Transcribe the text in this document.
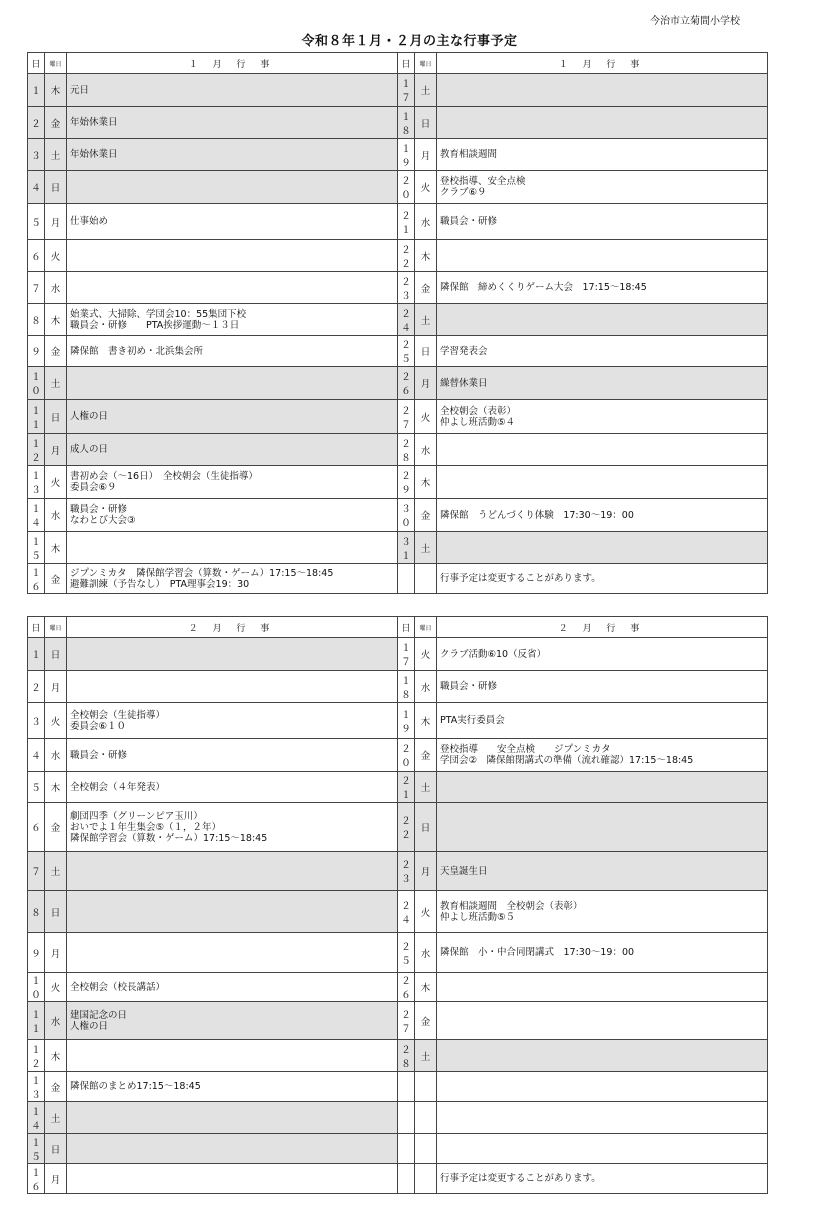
今治市立菊間小学校
令和８年１月・２月の主な行事予定
日	曜日	１ 月 行 事	日	曜日	１ 月 行 事
１	木	元日	１７	土	
２	金	年始休業日	１８	日	
３	土	年始休業日	１９	月	教育相談週間
４	日		２０	火	登校指導、安全点検
クラブ⑥９
５	月	仕事始め	２１	水	職員会・研修
６	火		２２	木	
７	水		２３	金	隣保館　締めくくりゲーム大会　17:15～18:45
８	木	始業式、大掃除、学団会10：55集団下校
職員会・研修　　PTA挨拶運動～１３日	２４	土	
９	金	隣保館　書き初め・北浜集会所	２５	日	学習発表会
１０	土		２６	月	繰替休業日
１１	日	人権の日	２７	火	全校朝会（表彰）
仲よし班活動⑤４
１２	月	成人の日	２８	水	
１３	火	書初め会（～16日）　全校朝会（生徒指導）
委員会⑥９	２９	木	
１４	水	職員会・研修
なわとび大会③	３０	金	隣保館　うどんづくり体験　17:30～19：00
１５	木		３１	土	
１６	金	ジプンミカタ　隣保館学習会（算数・ゲーム）17:15～18:45
避難訓練（予告なし）　PTA理事会19：30			行事予定は変更することがあります。
日	曜日	２ 月 行 事	日	曜日	２ 月 行 事
１	日		１７	火	クラブ活動⑥10（反省）
２	月		１８	水	職員会・研修
３	火	全校朝会（生徒指導）
委員会⑥１０	１９	木	PTA実行委員会
４	水	職員会・研修	２０	金	登校指導　　安全点検　　ジプンミカタ
学団会②　隣保館閉講式の準備（流れ確認）17:15～18:45
５	木	全校朝会（４年発表）	２１	土	
６	金	劇団四季（グリーンピア玉川）
おいでよ１年生集会⑤（１，２年）
隣保館学習会（算数・ゲーム）17:15～18:45	２２	日	
７	土		２３	月	天皇誕生日
８	日		２４	火	教育相談週間　全校朝会（表彰）
仲よし班活動⑤５
９	月		２５	水	隣保館　小・中合同閉講式　17:30～19：00
１０	火	全校朝会（校長講話）	２６	木	
１１	水	建国記念の日
人権の日	２７	金	
１２	木		２８	土	
１３	金	隣保館のまとめ17:15～18:45			
１４	土				
１５	日				
１６	月				行事予定は変更することがあります。
